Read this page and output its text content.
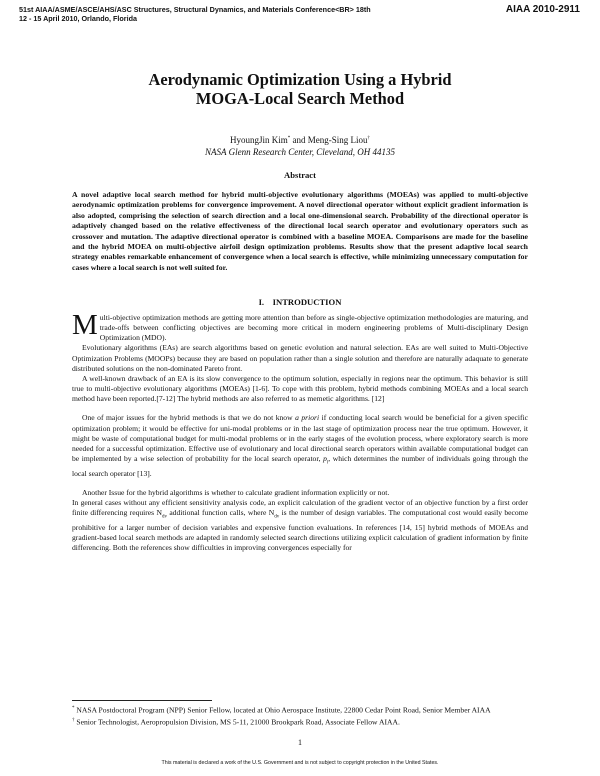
51st AIAA/ASME/ASCE/AHS/ASC Structures, Structural Dynamics, and Materials Conference<BR> 18th
12 - 15 April 2010, Orlando, Florida
AIAA 2010-2911
Aerodynamic Optimization Using a Hybrid
MOGA-Local Search Method
HyoungJin Kim* and Meng-Sing Liou†
NASA Glenn Research Center, Cleveland, OH 44135
Abstract
A novel adaptive local search method for hybrid multi-objective evolutionary algorithms (MOEAs) was applied to multi-objective aerodynamic optimization problems for convergence improvement. A novel directional operator without explicit gradient information is also adopted, comprising the selection of search direction and a local one-dimensional search. Probability of the directional operator is adaptively changed based on the relative effectiveness of the directional local search operator and evolutionary operators such as crossover and mutation. The adaptive directional operator is combined with a baseline MOEA. Comparisons are made for the baseline and the hybrid MOEA on multi-objective airfoil design optimization problems. Results show that the present adaptive local search strategy enables remarkable enhancement of convergence when a local search is effective, while minimizing unnecessary computation for cases where a local search is not well suited for.
I. INTRODUCTION

Multi-objective optimization methods are getting more attention than before as single-objective optimization methodologies are maturing, and trade-offs between conflicting objectives are becoming more critical in modern engineering problems of Multi-disciplinary Design Optimization (MDO).

Evolutionary algorithms (EAs) are search algorithms based on genetic evolution and natural selection. EAs are well suited to Multi-Objective Optimization Problems (MOOPs) because they are based on population rather than a single solution and therefore are naturally adaquate to generate distributed solutions on the non-dominated Pareto front.

A well-known drawback of an EA is its slow convergence to the optimum solution, especially in regions near the optimum. This behavior is still true to multi-objective evolutionary algorithms (MOEAs) [1-6]. To cope with this problem, hybrid methods combining MOEAs and a local search method have been reported.[7-12] The hybrid methods are also referred to as memetic algorithms. [12]

One of major issues for the hybrid methods is that we do not know a priori if conducting local search would be beneficial for a given specific optimization problem; it would be effective for uni-modal problems or in the last stage of optimization process near the true optimum. However, it might be waste of computational budget for multi-modal problems or in the early stages of the evolution process, where exploratory search is more needed for a successful optimization. Effective use of evolutionary and local directional search operators within available computational budget can be implemented by a wise selection of probability for the local search operator, $p_l$, which determines the number of individuals going through the local search operator [13].

Another Issue for the hybrid algorithms is whether to calculate gradient information explicitly or not.

In general cases without any efficient sensitivity analysis code, an explicit calculation of the gradient vector of an objective function by a first order finite differencing requires $N_{dv}$ additional function calls, where $N_{dv}$ is the number of design variables. The computational cost would easily become prohibitive for a larger number of decision variables and expensive function evaluations. In references [14, 15] hybrid methods of MOEAs and gradient-based local search methods are adapted in randomly selected search directions utilizing explicit calculation of gradient information by finite differencing. Both the references show difficulties in improving convergences especially for

* NASA Postdoctoral Program (NPP) Senior Fellow, located at Ohio Aerospace Institute, 22800 Cedar Point Road, Senior Member AIAA
† Senior Technologist, Aeropropulsion Division, MS 5-11, 21000 Brookpark Road, Associate Fellow AIAA.
1
This material is declared a work of the U.S. Government and is not subject to copyright protection in the United States.
